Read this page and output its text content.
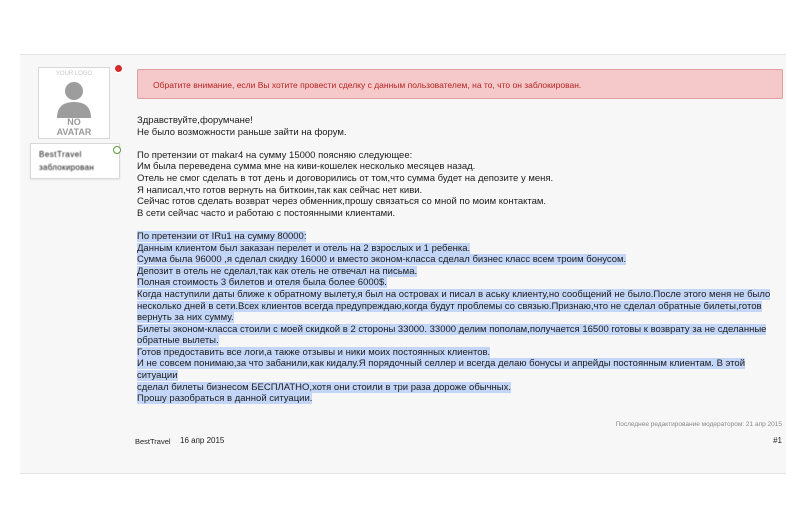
YOUR LOGO
NO
AVATAR
BestTravel
заблокирован
Обратите внимание, если Вы хотите провести сделку с данным пользователем, на то, что он заблокирован.

Здравствуйте,форумчане!

Не было возможности раньше зайти на форум.

По претензии от makar4 на сумму 15000 поясняю следующее:

Им была переведена сумма мне на киви-кошелек несколько месяцев назад.

Отель не смог сделать в тот день и договорились от том,что сумма будет на депозите у меня.

Я написал,что готов вернуть на биткоин,так как сейчас нет киви.

Сейчас готов сделать возврат через обменник,прошу связаться со мной по моим контактам.

В сети сейчас часто и работаю с постоянными клиентами.

По претензии от IRu1 на сумму 80000:

Данным клиентом был заказан перелет и отель на 2 взрослых и 1 ребенка.

Сумма была 96000 ,я сделал скидку 16000 и вместо эконом-класса сделал бизнес класс всем троим бонусом.

Депозит в отель не сделал,так как отель не отвечал на письма.

Полная стоимость 3 билетов и отеля была более 6000$.

Когда наступили даты ближе к обратному вылету,я был на островах и писал в аську клиенту,но сообщений не было.После этого меня не было

несколько дней в сети.Всех клиентов всегда предупреждаю,когда будут проблемы со связью.Признаю,что не сделал обратные билеты,готов

вернуть за них сумму.

Билеты эконом-класса стоили с моей скидкой в 2 стороны 33000. 33000 делим пополам,получается 16500 готовы к возврату за не сделанные

обратные вылеты.

Готов предоставить все логи,а также отзывы и ники моих постоянных клиентов.

И не совсем понимаю,за что забанили,как кидалу.Я порядочный селлер и всегда делаю бонусы и апрейды постоянным клиентам. В этой ситуации

сделал билеты бизнесом БЕСПЛАТНО,хотя они стоили в три раза дороже обычных.

Прошу разобраться в данной ситуации.

Последнее редактирование модератором: 21 апр 2015
BestTravel 16 апр 2015	#1
